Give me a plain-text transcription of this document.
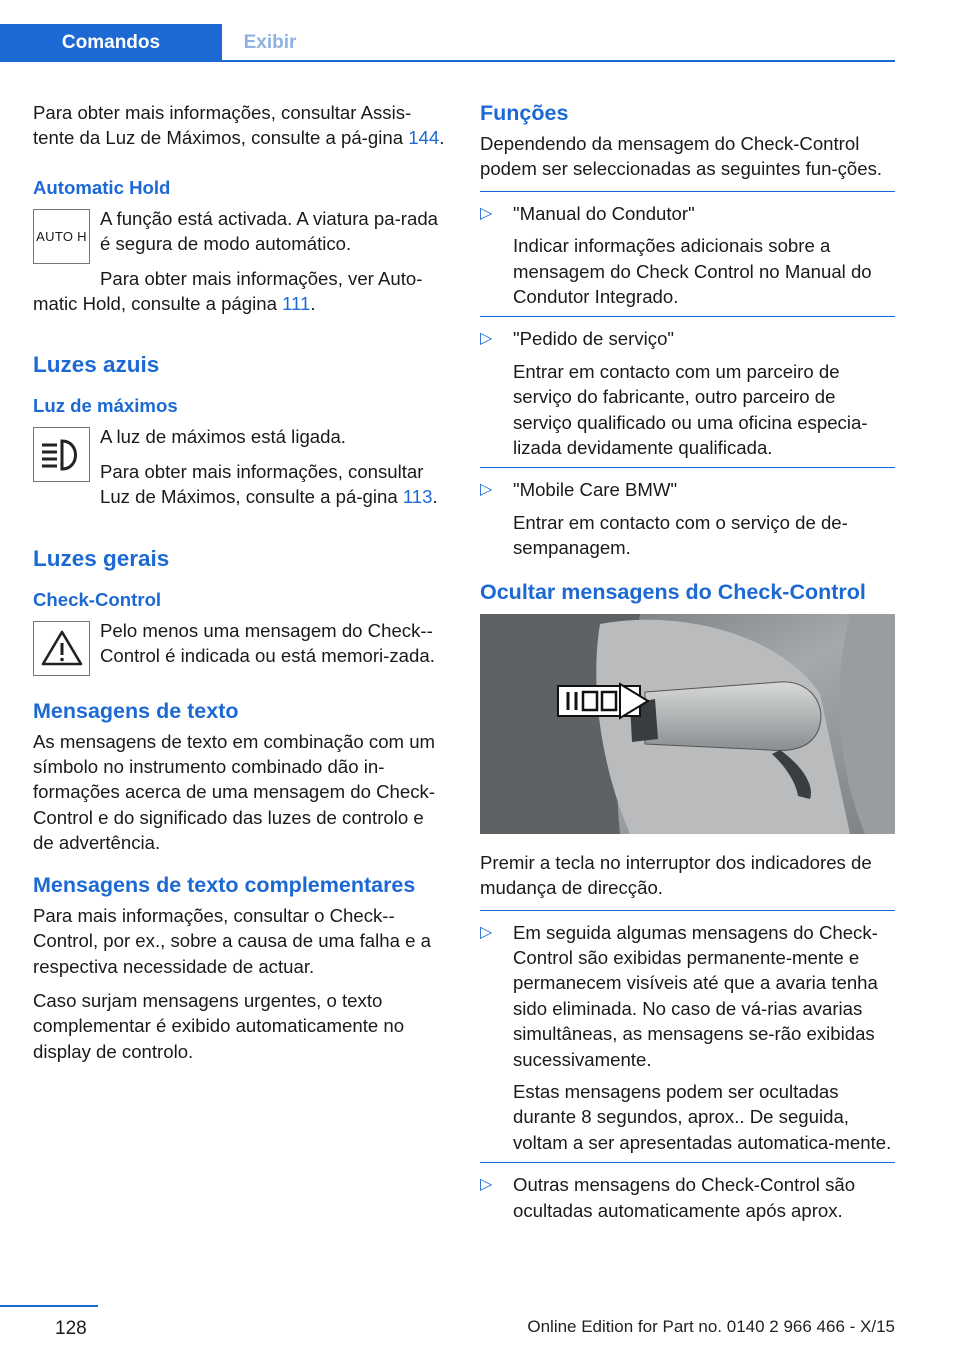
Comandos	Exibir

Para obter mais informações, consultar Assis-tente da Luz de Máximos, consulte a pá-gina 144.

Automatic Hold
AUTO H

A função está activada. A viatura pa-rada é segura de modo automático.

Para obter mais informações, ver Auto-matic Hold, consulte a página 111.

Luzes azuis
Luz de máximos

A luz de máximos está ligada.

Para obter mais informações, consultar Luz de Máximos, consulte a pá-gina 113.

Luzes gerais
Check-Control

Pelo menos uma mensagem do Check--Control é indicada ou está memori-zada.

Mensagens de texto

As mensagens de texto em combinação com um símbolo no instrumento combinado dão in-formações acerca de uma mensagem do Check-Control e do significado das luzes de controlo e de advertência.

Mensagens de texto complementares

Para mais informações, consultar o Check--Control, por ex., sobre a causa de uma falha e a respectiva necessidade de actuar.

Caso surjam mensagens urgentes, o texto complementar é exibido automaticamente no display de controlo.

Funções

Dependendo da mensagem do Check-Control podem ser seleccionadas as seguintes fun-ções.

▷ "Manual do Condutor"

Indicar informações adicionais sobre a mensagem do Check Control no Manual do Condutor Integrado.

▷ "Pedido de serviço"

Entrar em contacto com um parceiro de serviço do fabricante, outro parceiro de serviço qualificado ou uma oficina especia-lizada devidamente qualificada.

▷ "Mobile Care BMW"

Entrar em contacto com o serviço de de-sempanagem.

Ocultar mensagens do Check-Control

Premir a tecla no interruptor dos indicadores de mudança de direcção.

▷ Em seguida algumas mensagens do Check-Control são exibidas permanente-mente e permanecem visíveis até que a avaria tenha sido eliminada. No caso de vá-rias avarias simultâneas, as mensagens se-rão exibidas sucessivamente.

Estas mensagens podem ser ocultadas durante 8 segundos, aprox.. De seguida, voltam a ser apresentadas automatica-mente.

▷ Outras mensagens do Check-Control são ocultadas automaticamente após aprox.

128	Online Edition for Part no. 0140 2 966 466 - X/15
